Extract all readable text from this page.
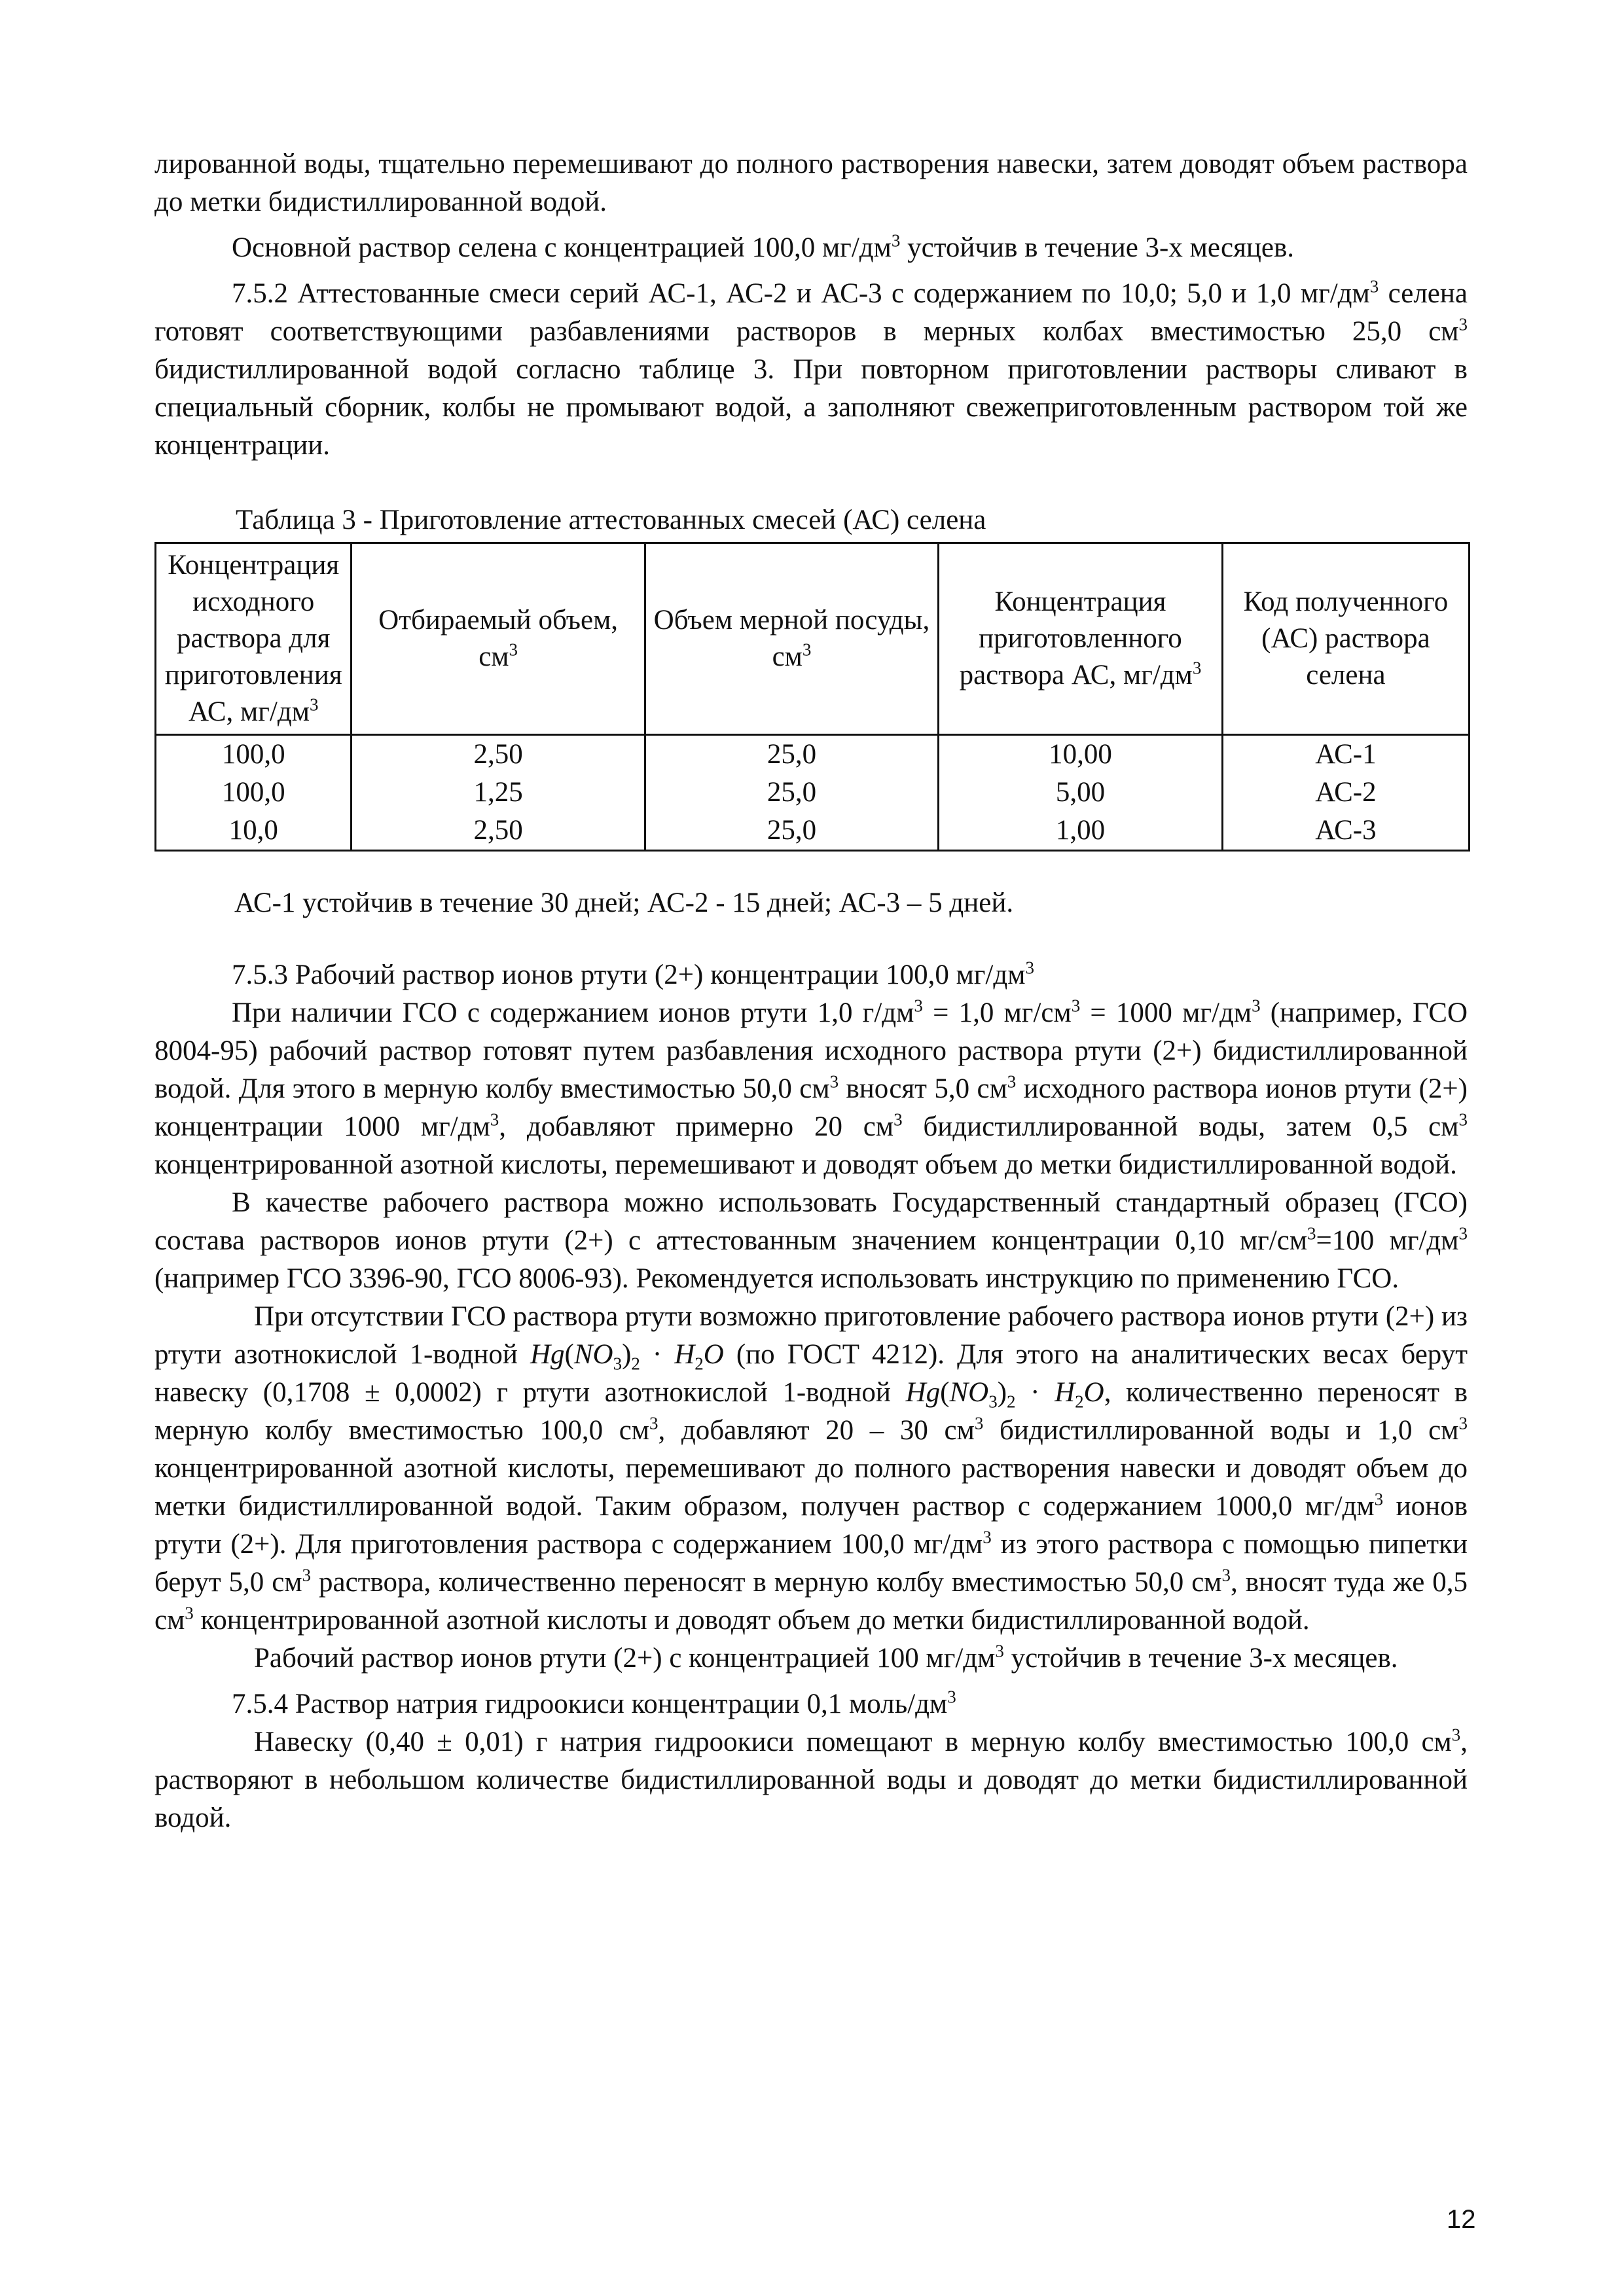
лированной воды, тщательно перемешивают до полного растворения навески, затем доводят объем раствора до метки бидистиллированной водой.

Основной раствор селена с концентрацией 100,0 $мг/дм^3$ устойчив в течение 3-х месяцев.

7.5.2 Аттестованные смеси серий АС-1, АС-2 и АС-3 с содержанием по 10,0; 5,0 и 1,0 $мг/дм^3$ селена готовят соответствующими разбавлениями растворов в мерных колбах вместимостью 25,0 $см^3$ бидистиллированной водой согласно таблице 3. При повторном приготовлении растворы сливают в специальный сборник, колбы не промывают водой, а заполняют свежеприготовленным раствором той же концентрации.

Таблица 3 - Приготовление аттестованных смесей (АС) селена
Концентрация исходного раствора для приготовления АС, $мг/дм^3$	Отбираемый объем, $см^3$	Объем мерной посуды, $см^3$	Концентрация приготовленного раствора АС, $мг/дм^3$	Код полученного (АС) раствора селена
100,0	2,50	25,0	10,00	АС-1
100,0	1,25	25,0	5,00	АС-2
10,0	2,50	25,0	1,00	АС-3

АС-1 устойчив в течение 30 дней; АС-2 - 15 дней; АС-3 – 5 дней.

7.5.3 Рабочий раствор ионов ртути (2+) концентрации 100,0 $мг/дм^3$

При наличии ГСО с содержанием ионов ртути 1,0 $г/дм^3 = 1,0$ $мг/см^3 = 1000$ $мг/дм^3$ (например, ГСО 8004-95) рабочий раствор готовят путем разбавления исходного раствора ртути (2+) бидистиллированной водой. Для этого в мерную колбу вместимостью 50,0 $см^3$ вносят 5,0 $см^3$ исходного раствора ионов ртути (2+) концентрации 1000 $мг/дм^3$, добавляют примерно 20 $см^3$ бидистиллированной воды, затем 0,5 $см^3$ концентрированной азотной кислоты, перемешивают и доводят объем до метки бидистиллированной водой.

В качестве рабочего раствора можно использовать Государственный стандартный образец (ГСО) состава растворов ионов ртути (2+) с аттестованным значением концентрации 0,10 $мг/см^3=100$ $мг/дм^3$ (например ГСО 3396-90, ГСО 8006-93). Рекомендуется использовать инструкцию по применению ГСО.

При отсутствии ГСО раствора ртути возможно приготовление рабочего раствора ионов ртути (2+) из ртути азотнокислой 1-водной $Hg(NO_3)_2 \cdot H_2O$ (по ГОСТ 4212). Для этого на аналитических весах берут навеску (0,1708 ± 0,0002) г ртути азотнокислой 1-водной $Hg(NO_3)_2 \cdot H_2O$, количественно переносят в мерную колбу вместимостью 100,0 $см^3$, добавляют 20 – 30 $см^3$ бидистиллированной воды и 1,0 $см^3$ концентрированной азотной кислоты, перемешивают до полного растворения навески и доводят объем до метки бидистиллированной водой. Таким образом, получен раствор с содержанием 1000,0 $мг/дм^3$ ионов ртути (2+). Для приготовления раствора с содержанием 100,0 $мг/дм^3$ из этого раствора с помощью пипетки берут 5,0 $см^3$ раствора, количественно переносят в мерную колбу вместимостью 50,0 $см^3$, вносят туда же 0,5 $см^3$ концентрированной азотной кислоты и доводят объем до метки бидистиллированной водой.

Рабочий раствор ионов ртути (2+) с концентрацией 100 $мг/дм^3$ устойчив в течение 3-х месяцев.

7.5.4 Раствор натрия гидроокиси концентрации 0,1 моль/$дм^3$

Навеску (0,40 ± 0,01) г натрия гидроокиси помещают в мерную колбу вместимостью 100,0 $см^3$, растворяют в небольшом количестве бидистиллированной воды и доводят до метки бидистиллированной водой.

12
